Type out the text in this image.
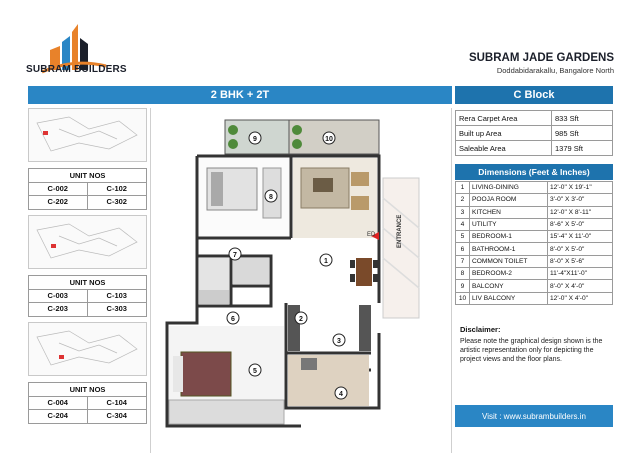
SUBRAM BUILDERS
SUBRAM JADE GARDENS
Doddabidarakallu, Bangalore North
2 BHK + 2T	C Block
UNIT NOS
C-002	C-102
C-202	C-302
UNIT NOS
C-003	C-103
C-203	C-303
UNIT NOS
C-004	C-104
C-204	C-304
ED	ENTRANCE
1
2
3
4
5
6
7
8
9	10
Rera Carpet Area	833 Sft
Built up Area	985 Sft
Saleable Area	1379 Sft
Dimensions (Feet & Inches)
1	LIVING-DINING	12'-0" X 19'-1"
2	POOJA ROOM	3'-0" X 3'-0"
3	KITCHEN	12'-0" X 8'-11"
4	UTILITY	8'-6" X 5'-0"
5	BEDROOM-1	15'-4" X 11'-0"
6	BATHROOM-1	8'-0" X 5'-0"
7	COMMON TOILET	8'-0" X 5'-6"
8	BEDROOM-2	11'-4"X11'-0"
9	BALCONY	8'-0" X 4'-0"
10	LIV BALCONY	12'-0" X 4'-0"
Disclaimer:
Please note the graphical design shown is the artistic representation only for depicting the project views and the floor plans.
Visit : www.subrambuilders.in
